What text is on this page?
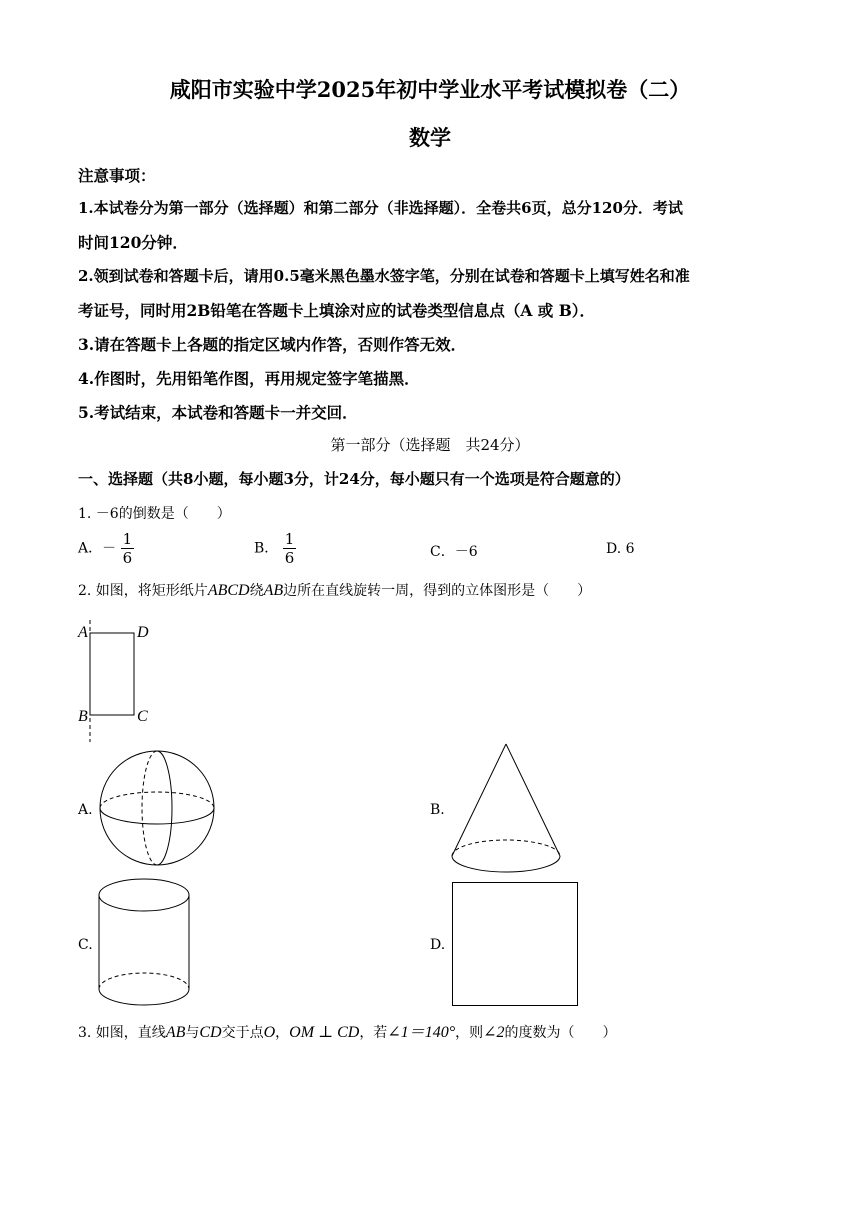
咸阳市实验中学2025年初中学业水平考试模拟卷（二）
数学
注意事项：
1.本试卷分为第一部分（选择题）和第二部分（非选择题）．全卷共6页，总分120分．考试
时间120分钟．
2.领到试卷和答题卡后，请用0.5毫米黑色墨水签字笔，分别在试卷和答题卡上填写姓名和准
考证号，同时用2B铅笔在答题卡上填涂对应的试卷类型信息点（A 或 B）．
3.请在答题卡上各题的指定区域内作答，否则作答无效．
4.作图时，先用铅笔作图，再用规定签字笔描黑．
5.考试结束，本试卷和答题卡一并交回．
第一部分（选择题　共24分）
一、选择题（共8小题，每小题3分，计24分，每小题只有一个选项是符合题意的）
1. －6的倒数是（　　）
A．－ $\frac{1}{6}$	B． $\frac{1}{6}$	C．－6	D. 6
2. 如图，将矩形纸片ABCD绕AB边所在直线旋转一周，得到的立体图形是（　　）
A	D
B	C
A.	B.
C.	D.
3. 如图，直线AB与CD交于点O，OM ⊥ CD，若∠1＝140°，则∠2的度数为（　　）
